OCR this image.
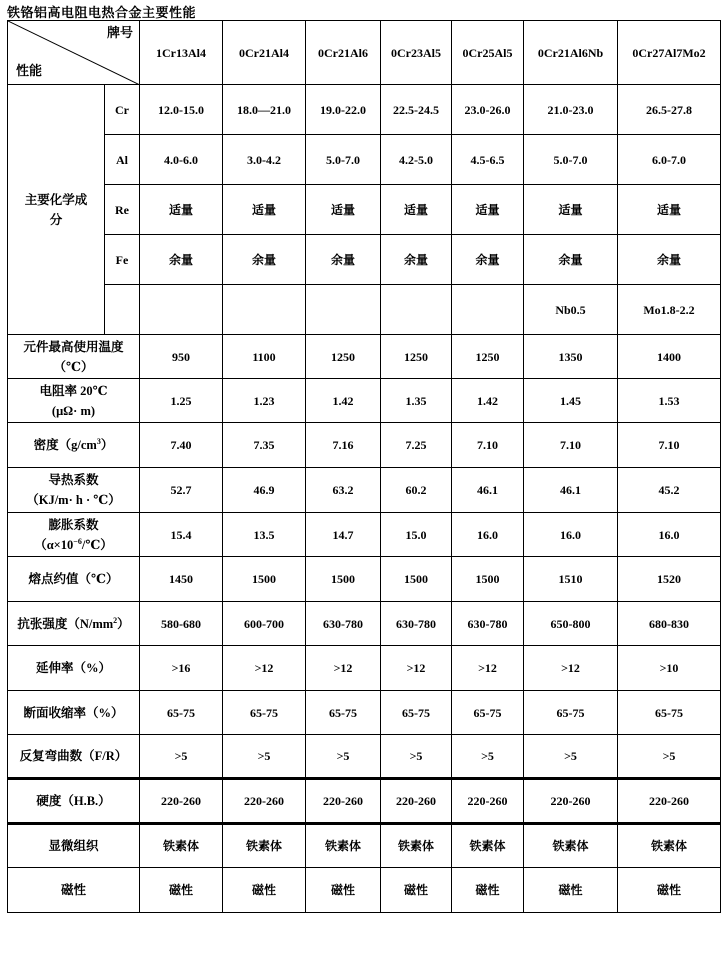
铁铬铝高电阻电热合金主要性能
牌号
性能		1Cr13Al4	0Cr21Al4	0Cr21Al6	0Cr23Al5	0Cr25Al5	0Cr21Al6Nb	0Cr27Al7Mo2
主要化学成分	Cr	12.0-15.0	18.0—21.0	19.0-22.0	22.5-24.5	23.0-26.0	21.0-23.0	26.5-27.8
	Al	4.0-6.0	3.0-4.2	5.0-7.0	4.2-5.0	4.5-6.5	5.0-7.0	6.0-7.0
	Re	适量	适量	适量	适量	适量	适量	适量
	Fe	余量	余量	余量	余量	余量	余量	余量
							Nb0.5	Mo1.8-2.2
元件最高使用温度
（℃）		950	1100	1250	1250	1250	1350	1400
电阻率 20℃
(μΩ· m)		1.25	1.23	1.42	1.35	1.42	1.45	1.53
密度$(g/cm^3)$		7.40	7.35	7.16	7.25	7.10	7.10	7.10
导热系数
（KJ/m· h · ℃）		52.7	46.9	63.2	60.2	46.1	46.1	45.2
膨胀系数
$(\alpha\times 10^{-6}/℃)$		15.4	13.5	14.7	15.0	16.0	16.0	16.0
熔点约值（℃）		1450	1500	1500	1500	1500	1510	1520
抗张强度$(N/mm^2)$		580-680	600-700	630-780	630-780	630-780	650-800	680-830
延伸率（%）		>16	>12	>12	>12	>12	>12	>10
断面收缩率（%）		65-75	65-75	65-75	65-75	65-75	65-75	65-75
反复弯曲数（F/R）		>5	>5	>5	>5	>5	>5	>5
硬度（H.B.）		220-260	220-260	220-260	220-260	220-260	220-260	220-260
显微组织		铁素体	铁素体	铁素体	铁素体	铁素体	铁素体	铁素体
磁性		磁性	磁性	磁性	磁性	磁性	磁性	磁性
